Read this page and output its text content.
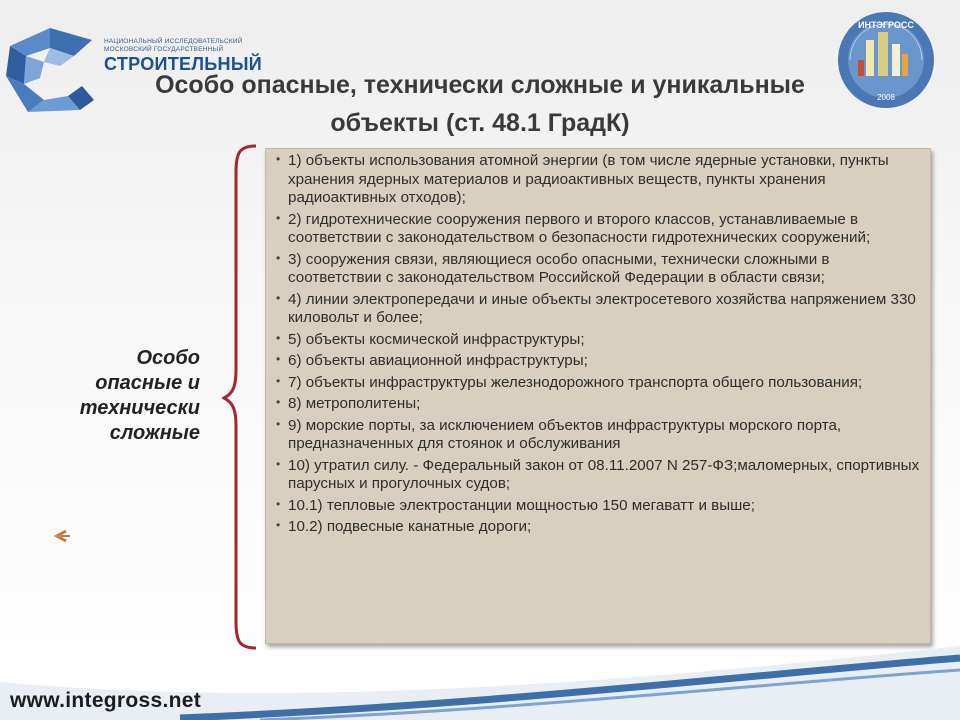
НАЦИОНАЛЬНЫЙ ИССЛЕДОВАТЕЛЬСКИЙ
МОСКОВСКИЙ ГОСУДАРСТВЕННЫЙ
СТРОИТЕЛЬНЫЙ
ИНТЭГРОСС
2008
Особо опасные, технически сложные и уникальные
объекты (ст. 48.1 ГрадК)
Особо
опасные и
технически
сложные
• 1) объекты использования атомной энергии (в том числе ядерные установки, пункты хранения ядерных материалов и радиоактивных веществ, пункты хранения радиоактивных отходов);
• 2) гидротехнические сооружения первого и второго классов, устанавливаемые в соответствии с законодательством о безопасности гидротехнических сооружений;
• 3) сооружения связи, являющиеся особо опасными, технически сложными в соответствии с законодательством Российской Федерации в области связи;
• 4) линии электропередачи и иные объекты электросетевого хозяйства напряжением 330 киловольт и более;
• 5) объекты космической инфраструктуры;
• 6) объекты авиационной инфраструктуры;
• 7) объекты инфраструктуры железнодорожного транспорта общего пользования;
• 8) метрополитены;
• 9) морские порты, за исключением объектов инфраструктуры морского порта, предназначенных для стоянок и обслуживания
• 10) утратил силу. - Федеральный закон от 08.11.2007 N 257-ФЗ;маломерных, спортивных парусных и прогулочных судов;
• 10.1) тепловые электростанции мощностью 150 мегаватт и выше;
• 10.2) подвесные канатные дороги;
www.integross.net
